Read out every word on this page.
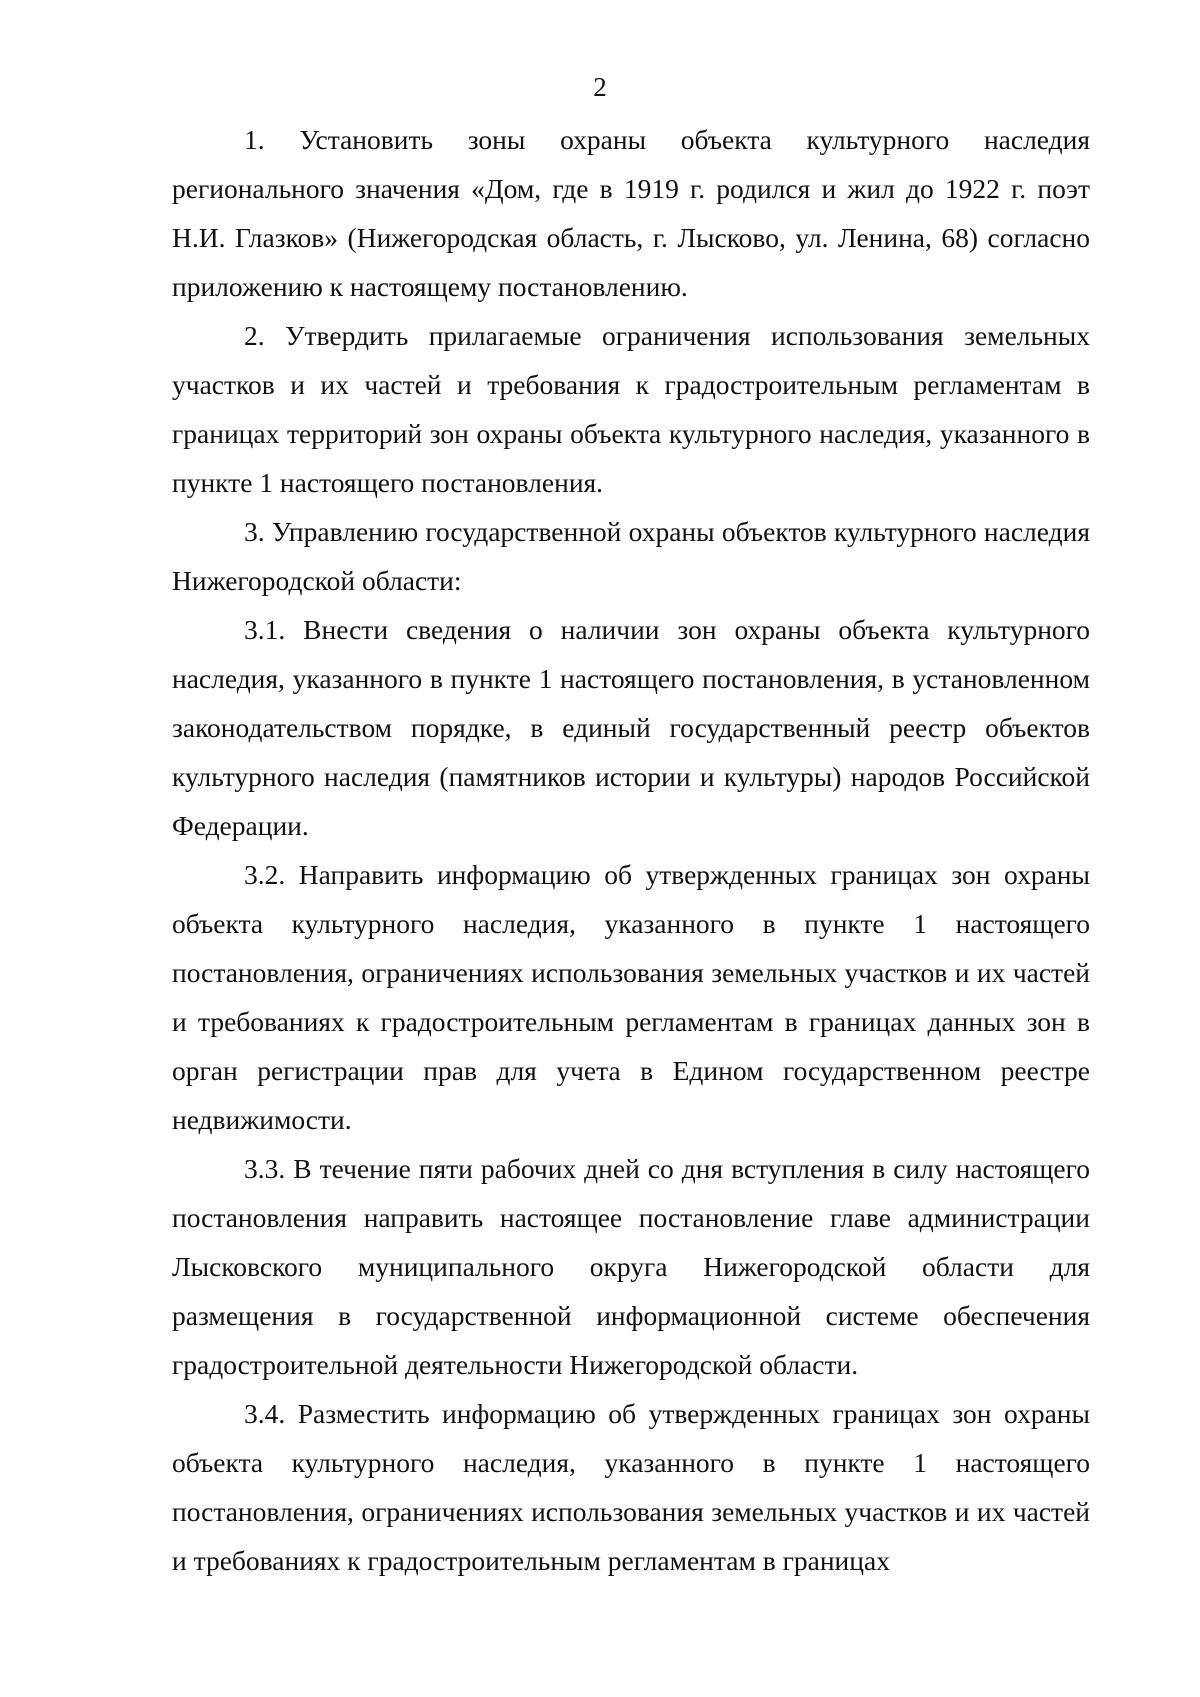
2

1. Установить зоны охраны объекта культурного наследия регионального значения «Дом, где в 1919 г. родился и жил до 1922 г. поэт Н.И. Глазков» (Нижегородская область, г. Лысково, ул. Ленина, 68) согласно приложению к настоящему постановлению.

2. Утвердить прилагаемые ограничения использования земельных участков и их частей и требования к градостроительным регламентам в границах территорий зон охраны объекта культурного наследия, указанного в пункте 1 настоящего постановления.

3. Управлению государственной охраны объектов культурного наследия Нижегородской области:

3.1. Внести сведения о наличии зон охраны объекта культурного наследия, указанного в пункте 1 настоящего постановления, в установленном законодательством порядке, в единый государственный реестр объектов культурного наследия (памятников истории и культуры) народов Российской Федерации.

3.2. Направить информацию об утвержденных границах зон охраны объекта культурного наследия, указанного в пункте 1 настоящего постановления, ограничениях использования земельных участков и их частей и требованиях к градостроительным регламентам в границах данных зон в орган регистрации прав для учета в Едином государственном реестре недвижимости.

3.3. В течение пяти рабочих дней со дня вступления в силу настоящего постановления направить настоящее постановление главе администрации Лысковского муниципального округа Нижегородской области для размещения в государственной информационной системе обеспечения градостроительной деятельности Нижегородской области.

3.4. Разместить информацию об утвержденных границах зон охраны объекта культурного наследия, указанного в пункте 1 настоящего постановления, ограничениях использования земельных участков и их частей и требованиях к градостроительным регламентам в границах
